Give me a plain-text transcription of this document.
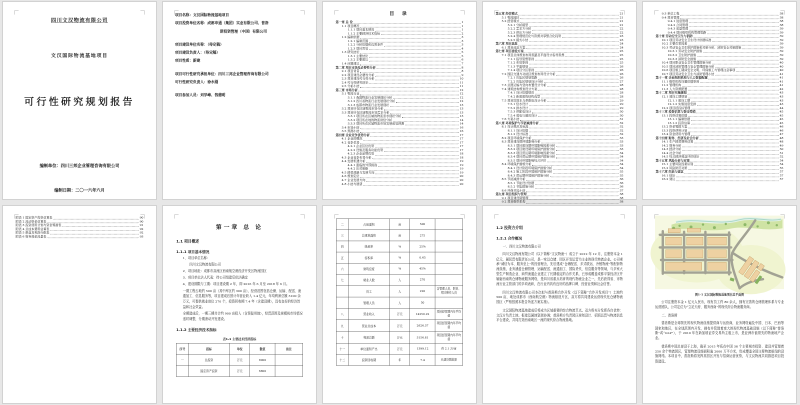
四川文汉物流有限公司
文汉国际物流基地项目
可行性研究规划报告
编制单位：四川三邦企业管理咨询有限公司
编制日期：二〇一六年六月
项目名称：文汉国际物流基地项目
项目投资单位名称：成都申通（集团）实业有限公司、普洛
斯投资管理（中国）有限公司
项目建设单位名称：（待定稿）
项目建设负责人：（待定稿）
项目性质：新建
项目可行性研究承担单位：四川三邦企业管理咨询有限公司
可行性研究负责人：徐永刚
项目参加人员：刘学峰、钱德明
目 录
第一章 总 论	1
1.1 项目概况	1
1.1.1 项目基本情况	1
1.1.2 主要经济技术指标	2
1.2 编制依据	3
1.2.1 编制范围	3
1.2.2 分析依据和边界条件	3
1.2.3 项目背景	4
1.3 研究结论	5
1.3.1 主要结论	5
1.3.2 主要建议	6
1.4 问题建议	7
第二章 项目市场及必要性分析	8
2.1 项目背景	8
2.2 项目建设必要性分析	9
2.3 项目建设可行性分析	10
2.4 可行性研究结论	11
2.5 分析小结	11
第三章 市场分析	12
3.1 物流行业	12
3.1.1 我国物流行业发展现状分析	12
3.1.2 四川省物流行业发展现状分析	12
3.1.3 成都市物流行业发展现状	13
3.2 项目所在区域物流市场分析	13
3.3 项目所在区域物流市场需求分析	13
3.3.1 项目所在区域的物流需求现状分析	13
3.3.2 项目所在地的物流供给分析	14
3.3.3 项目所在区域物流市场发展前景预测	14
3.4 市场小结	16
3.5 预测小结	16
第四章 企业竞争优势分析	17
4.1 企业的概况	17
4.2 竞争优势	17
4.2.1 企业区位优势	17
4.2.2 设施及服务功能优势	17
4.2.3 企业品牌优势	18
4.3 企业竞争劣势分析	18
4.4 发展机遇分析	19
4.4.1 面临的外部挑战	19
4.4.2 应对策略	19
4.5 经营战略与发展方向	19
4.6 规划定位	20
4.7 企业发展方向	20
4.8 小结与展望	20
第五章 经营模式	21
5.1 物流园区	21
5.2 经营模式	21
5.2.1 分析模型	21
5.2.2 需求方分析	22
5.2.3 供应方分析	22
5.2.4 管理规范化与资源共享整合化趋势	23
5.2.5 模式小结	23
第六章 项目选址	24
6.1 项目选址方案	24
第七章 项目建设方案	25
7.1 项目总体规划布局思路及平面设计指导思想	25
7.1.1 指导思想原则	25
7.1.2 布局原则	25
7.1.3 平面规划	26
7.1.4 项目分区原则	26
7.2 园区交通与功能区规划布局设计分析	26
7.2.1 功能区规划思路	26
7.2.2 功能区规划设计分析	27
7.3 总图运输与竖向布置设计分析	28
7.4 建筑结构规划设计方案	28
7.4.1 设计依据规范	28
7.4.2 新建建筑结构选型	28
7.5 项目给排水与供配电设计分析	29
7.5.1 给水设计	29
7.5.2 排水设计	29
7.5.3 供配电设计	30
7.5.4 弱电与通讯设计	30
7.6 方案小结	31
第八章 环境保护与节能减排分析	32
8.1 设计规范及标准	32
8.1.1 设计依据	32
8.1.2 设计标准	32
8.2 项目环境保护分析	33
8.3 项目建设期环境影响分析	33
8.3.1 项目建设期环境影响因素分析	33
8.3.2 项目建设期环境保护措施分析	33
8.3.3 项目营运期环境影响因素分析	34
8.3.4 项目营运期环境保护措施分析	34
8.3.5 项目环境影响综合评价	34
8.4 环境保护措施分析	34
8.4.1 设计阶段环境保护措施分析	34
8.4.2 施工阶段环境保护措施分析	35
8.4.3 营运期环境保护措施分析	35
8.5 节能减排分析	36
8.5.1 节能设计依据	36
8.5.2 节能措施分析	36
8.6 环保节能小结	37
第九章 项目组织与管理	38
9.1 项目建设期管理	38
9.2 项目组织机构	38
9.3 单位工程	38
9.4 项目管理	38
9.4.1 进度管理	38
9.4.2 合同管理	38
9.4.3 质量管理	39
9.4.4 项目组织机构管理思路	39
第十章 劳动安全卫生与消防	39
10.1 项目劳动安全卫生设计依据标准	39
10.2 主要危害因素	39
10.3 劳动安全卫生防护措施和对策分析、消防安全对策措施	39
10.3.1 劳动安全防护措施	39
10.3.2 卫生防护措施	39
10.3.3 消防安全措施	39
10.4 项目职业安全卫生管理措施分析	40
10.5 项目消防管理与安全管理措施分析	40
10.6 项目施工期间安全文明、环保施工与管理注意事项	40
10.7 项目劳动安全卫生与消防管理小结	41
第十一章 企业组织机构与人力资源配置	41
11.1 组织机构设置依据原则	41
11.2 管理机构	41
11.3 人力资源配置	42
第十二章 项目实施规划	43
12.1 建设工期规划	43
12.1.1 建设工期	43
12.1.2 实施进度安排	43
12.2 项目招投标管理	44
第十三章 投资估算与资金筹措	45
13.1 投资估算依据	45
13.1.1 编制依据	45
13.1.2 投资估算	45
13.2 资金筹措方案	46
13.3 投资使用计划	46
13.4 资金使用与管理	47
第十四章 财务、经济及社会分析	48
14.1 生产经营费用估算	48
14.2 财务分析	49
14.3 经济分析	50
14.4 社会分析	51
14.5 综合经济效益评价结论	52
第十五章 风险分析与对策	54
15.1 主要风险因素识别	54
15.2 风险防范对策	55
第十六章 结论与建议	57
16.1 结论	57
16.2 建议	57
附表 1 固定资产投资估算表	90
附表 2 流动资金估算表	90
附表 3 投资使用计划与资金筹措表	91
附表 4 总成本费用估算表	92
附表 5 损益及利润分配表	92
附表 6 财务现金流量表	93
第一章 总 论
1.1 项目概述
1.1.1 项目基本情况
1、项目单位名称：
四川文汉物流有限公司
2、项目地址：成都市双流区西南航空港经济开发区物流园区
3、项目单位法人代表：待公司组建后依法确定
4、建设期限与工期：项目建设期 2 年，即 2016 年 6 月至 2018 年 6 月。
一期工程占地约 500 亩（其中库区约 300 亩），经营范围包括仓储、运输、配送、流通加工、信息服务等，项目建成后预计年营业收入 1.4 亿元，年均利润总额 3100 余万元，可提供就业岗位 270 个，投资回收期 7.4 年（含建设期），具有良好的经济效益和社会效益。
全期建成后，一期三期共计约 900 亩投入（含预留用地），经营范围及规模视市场情况适时调整，分期滚动开发建设。
1.1.2 主要经济技术指标
表1-1 主要技术经济指标
序号	指标	单位	数值	备注
一	总投资	万元	8000	
	固定资产投资	万元	6800	
二	占地面积	亩	500	
三	总建筑面积	亩	275	
四	绿地率	%	25%	
五	容积率	%	0.65	
六	建筑密度	%	45%	
七	就业人数	人	270	
	员工	人	220	含管理人员、职员、库区操作人员
	管理人员	人	50	
八	营业收入	万元	14250.22	项目经营期内年平均值
九	营业总成本	万元	2626.37	项目经营期内年平均值
十	利润总额	万元	3156.81	项目经营期内年平均值
十一	单位面积产出	万元	1399.12	约 2.1 万/亩
十二	投资回收期	年	7.4	从建设期起算
1.2 投资方介绍
1.2.1 合作概况
一、四川文汉物流有限公司
四川文汉物流有限公司（以下简称“文汉物流”）成立于 2012 年 12 月，注册资本金 1 亿元，属民营有限责任公司，是一家以仓储、园区开发运营为主业的现代物流企业。公司秉承“诚信为本、服务至上”的经营理念，先后建成“仓储配送、多式联运、冷链物流”等配套物流设施，业务涵盖仓储管理、运输配送、流通加工、国际货代、信息服务等领域，与多家大型生产制造企业、商贸流通企业建立了长期稳定的合作关系，已形成覆盖成都平原经济区并辐射西南的仓储物流服务网络，是四川省重点培育的现代物流企业之一，先后获得省、市物流行业主管部门的多项表彰，在行业内具有良好的品牌口碑、经营业绩和社会信誉。
四川文汉物流有限公司本次拟与普洛斯合作开发（以下简称“合作开发项目”）土地约 500 亩，地处成都市（西南航空港）物流枢纽片区，双方将共同建设运营现代化仓储物流园区（严格按照本报告所述方案实施）。
文汉国际物流基地建成后将成为区域重要的综合物流节点。双方将充分发挥各自优势：文汉方负责土地、报批及属地资源协调；普洛斯方负责园区规划设计、招商运营与物流信息平台建设，共同打造西南地区一流的现代综合物流基地。
图1-1 文汉国际物流基地项目总平面图
公司注册资本金 1 亿元人民币，现有员工约 80 余人，拥有完善的仓储管理体系与专业运营团队，公司定位为“立足天府、服务西南”的现代综合物流服务商。
二、普洛斯
普洛斯是全球领先的现代物流设施提供商与运营商，业务网络遍及中国、日本、巴西等国家和地区，在全球范围内开发、拥有并管理着庞大的现代物流基础设施（以下简称“普洛斯”或“GLP”），于 2010 年在新加坡证券交易所主板上市，是亚洲市值领先的物流地产企业。
普洛斯中国总部设于上海，截至 2015 年底在中国 38 个主要城市投资、建设并管理着 250 余个物流园区，管理物流设施面积逾 2000 万平方米，形成覆盖全国主要物流枢纽的设施网络。本项目中，普洛斯将发挥其园区开发与招商运营优势，与文汉物流共同推进项目投资建设。
